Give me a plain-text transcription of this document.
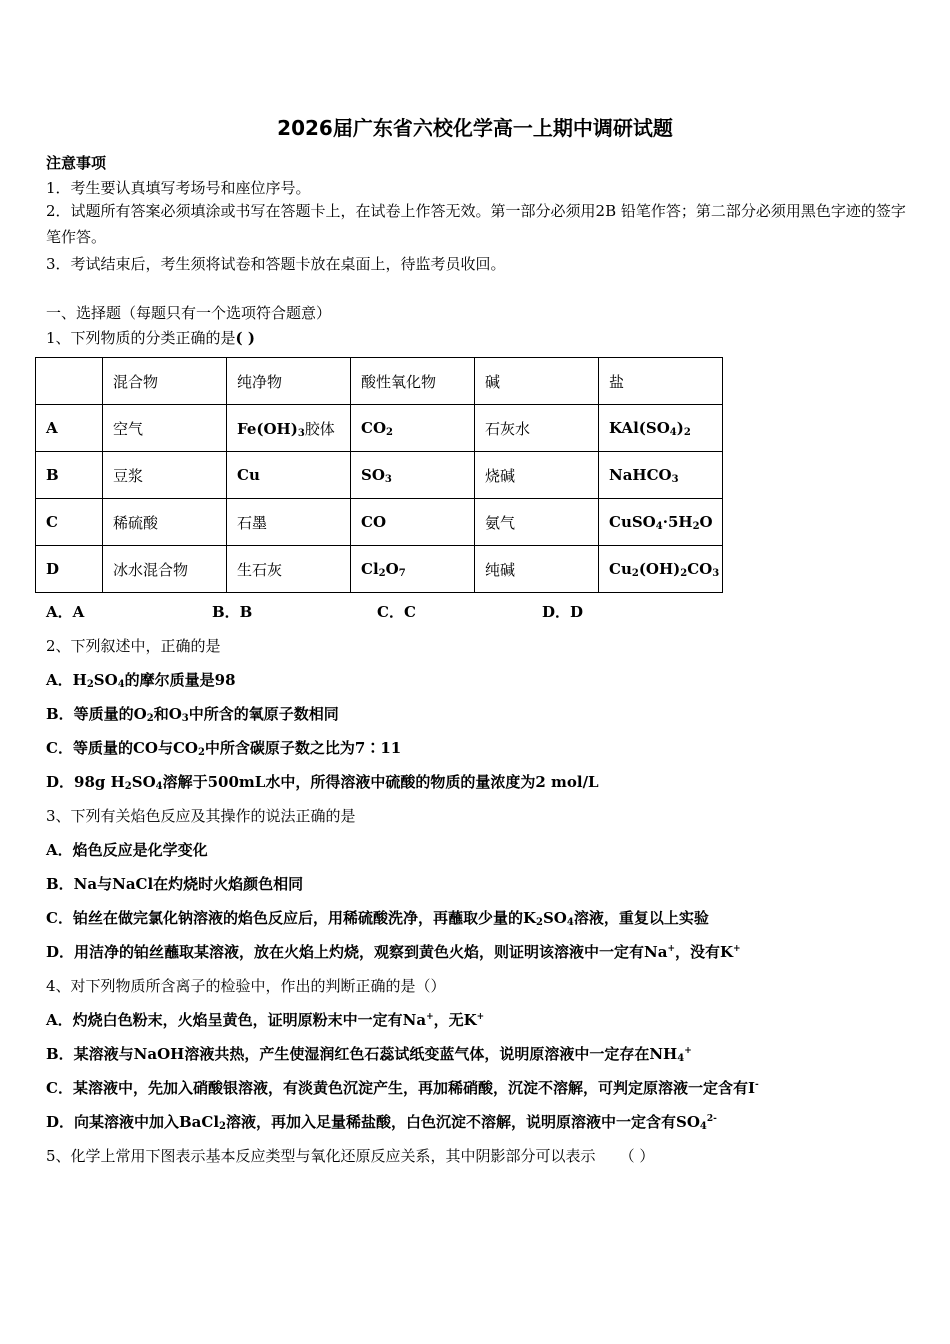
2026届广东省六校化学高一上期中调研试题
注意事项
1．考生要认真填写考场号和座位序号。
2．试题所有答案必须填涂或书写在答题卡上，在试卷上作答无效。第一部分必须用2B 铅笔作答；第二部分必须用黑色字迹的签字笔作答。
3．考试结束后，考生须将试卷和答题卡放在桌面上，待监考员收回。
一、选择题（每题只有一个选项符合题意）
1、下列物质的分类正确的是( )
	混合物	纯净物	酸性氧化物	碱	盐
A	空气	$Fe(OH)_3$胶体	$CO_2$	石灰水	$KAl(SO_4)_2$
B	豆浆	Cu	$SO_3$	烧碱	NaHCO$_3$
C	稀硫酸	石墨	CO	氨气	$CuSO_4\cdot 5H_2O$
D	冰水混合物	生石灰	$Cl_2O_7$	纯碱	$Cu_2(OH)_2CO_3$
A．A	B．B	C．C	D．D
2、下列叙述中，正确的是
A．$H_2SO_4$的摩尔质量是98
B．等质量的$O_2$和$O_3$中所含的氧原子数相同
C．等质量的CO与$CO_2$中所含碳原子数之比为7∶11
D．98g $H_2SO_4$溶解于500mL水中，所得溶液中硫酸的物质的量浓度为2 mol/L
3、下列有关焰色反应及其操作的说法正确的是
A．焰色反应是化学变化
B．Na与NaCl在灼烧时火焰颜色相同
C．铂丝在做完氯化钠溶液的焰色反应后，用稀硫酸洗净，再蘸取少量的$K_2SO_4$溶液，重复以上实验
D．用洁净的铂丝蘸取某溶液，放在火焰上灼烧，观察到黄色火焰，则证明该溶液中一定有Na+，没有K+
4、对下列物质所含离子的检验中，作出的判断正确的是（）
A．灼烧白色粉末，火焰呈黄色，证明原粉末中一定有Na+，无K+
B．某溶液与NaOH溶液共热，产生使湿润红色石蕊试纸变蓝气体，说明原溶液中一定存在$NH_4^+$
C．某溶液中，先加入硝酸银溶液，有淡黄色沉淀产生，再加稀硝酸，沉淀不溶解，可判定原溶液一定含有I-
D．向某溶液中加入BaCl$_2$溶液，再加入足量稀盐酸，白色沉淀不溶解，说明原溶液中一定含有$SO_4^{2-}$
5、化学上常用下图表示基本反应类型与氧化还原反应关系，其中阴影部分可以表示 （ ）
